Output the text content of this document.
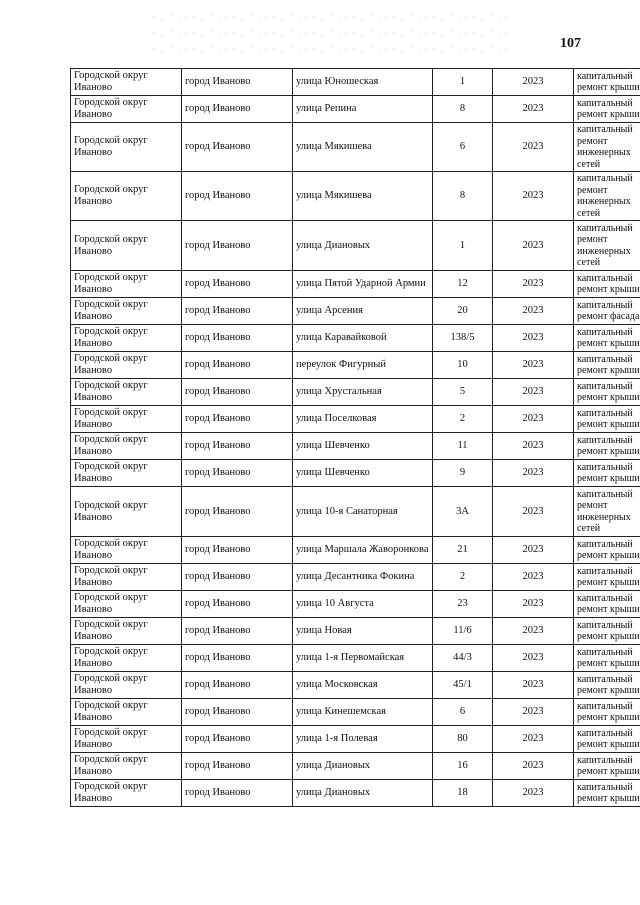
107
Городской округ Иваново	город Иваново	улица Юношеская	1	2023	капитальный ремонт крыши
Городской округ Иваново	город Иваново	улица Репина	8	2023	капитальный ремонт крыши
Городской округ Иваново	город Иваново	улица Мякишева	6	2023	капитальный ремонт инженерных сетей
Городской округ Иваново	город Иваново	улица Мякишева	8	2023	капитальный ремонт инженерных сетей
Городской округ Иваново	город Иваново	улица Диановых	1	2023	капитальный ремонт инженерных сетей
Городской округ Иваново	город Иваново	улица Пятой Ударной Армии	12	2023	капитальный ремонт крыши
Городской округ Иваново	город Иваново	улица Арсения	20	2023	капитальный ремонт фасада
Городской округ Иваново	город Иваново	улица Каравайковой	138/5	2023	капитальный ремонт крыши
Городской округ Иваново	город Иваново	переулок Фигурный	10	2023	капитальный ремонт крыши
Городской округ Иваново	город Иваново	улица Хрустальная	5	2023	капитальный ремонт крыши
Городской округ Иваново	город Иваново	улица Поселковая	2	2023	капитальный ремонт крыши
Городской округ Иваново	город Иваново	улица Шевченко	11	2023	капитальный ремонт крыши
Городской округ Иваново	город Иваново	улица Шевченко	9	2023	капитальный ремонт крыши
Городской округ Иваново	город Иваново	улица 10-я Санаторная	3А	2023	капитальный ремонт инженерных сетей
Городской округ Иваново	город Иваново	улица Маршала Жаворонкова	21	2023	капитальный ремонт крыши
Городской округ Иваново	город Иваново	улица Десантника Фокина	2	2023	капитальный ремонт крыши
Городской округ Иваново	город Иваново	улица 10 Августа	23	2023	капитальный ремонт крыши
Городской округ Иваново	город Иваново	улица Новая	11/6	2023	капитальный ремонт крыши
Городской округ Иваново	город Иваново	улица 1-я Первомайская	44/3	2023	капитальный ремонт крыши
Городской округ Иваново	город Иваново	улица Московская	45/1	2023	капитальный ремонт крыши
Городской округ Иваново	город Иваново	улица Кинешемская	6	2023	капитальный ремонт крыши
Городской округ Иваново	город Иваново	улица 1-я Полевая	80	2023	капитальный ремонт крыши
Городской округ Иваново	город Иваново	улица Диановых	16	2023	капитальный ремонт крыши
Городской округ Иваново	город Иваново	улица Диановых	18	2023	капитальный ремонт крыши
